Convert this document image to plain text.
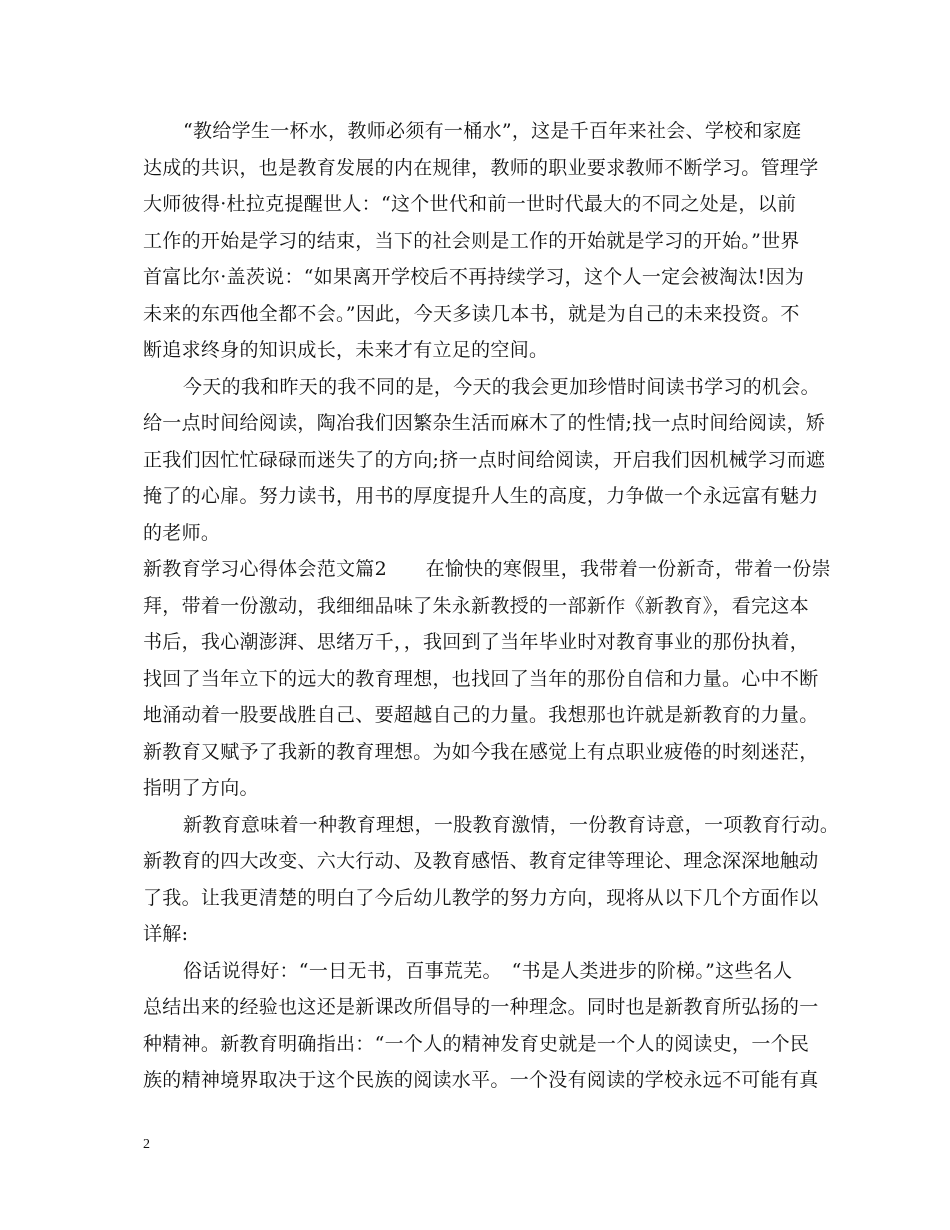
“教给学生一杯水，教师必须有一桶水”，这是千百年来社会、学校和家庭
达成的共识，也是教育发展的内在规律，教师的职业要求教师不断学习。管理学
大师彼得·杜拉克提醒世人：“这个世代和前一世时代最大的不同之处是，以前
工作的开始是学习的结束，当下的社会则是工作的开始就是学习的开始。”世界
首富比尔·盖茨说：“如果离开学校后不再持续学习，这个人一定会被淘汰!因为
未来的东西他全都不会。”因此，今天多读几本书，就是为自己的未来投资。不
断追求终身的知识成长，未来才有立足的空间。
今天的我和昨天的我不同的是，今天的我会更加珍惜时间读书学习的机会。
给一点时间给阅读，陶冶我们因繁杂生活而麻木了的性情;找一点时间给阅读，矫
正我们因忙忙碌碌而迷失了的方向;挤一点时间给阅读，开启我们因机械学习而遮
掩了的心扉。努力读书，用书的厚度提升人生的高度，力争做一个永远富有魅力
的老师。
新教育学习心得体会范文篇2　　在愉快的寒假里，我带着一份新奇，带着一份崇
拜，带着一份激动，我细细品味了朱永新教授的一部新作《新教育》，看完这本
书后，我心潮澎湃、思绪万千，，我回到了当年毕业时对教育事业的那份执着，
找回了当年立下的远大的教育理想，也找回了当年的那份自信和力量。心中不断
地涌动着一股要战胜自己、要超越自己的力量。我想那也许就是新教育的力量。
新教育又赋予了我新的教育理想。为如今我在感觉上有点职业疲倦的时刻迷茫，
指明了方向。
新教育意味着一种教育理想，一股教育激情，一份教育诗意，一项教育行动。
新教育的四大改变、六大行动、及教育感悟、教育定律等理论、理念深深地触动
了我。让我更清楚的明白了今后幼儿教学的努力方向，现将从以下几个方面作以
详解:
俗话说得好：“一日无书，百事荒芜。　“书是人类进步的阶梯。”这些名人
总结出来的经验也这还是新课改所倡导的一种理念。同时也是新教育所弘扬的一
种精神。新教育明确指出：“一个人的精神发育史就是一个人的阅读史，一个民
族的精神境界取决于这个民族的阅读水平。一个没有阅读的学校永远不可能有真
2
